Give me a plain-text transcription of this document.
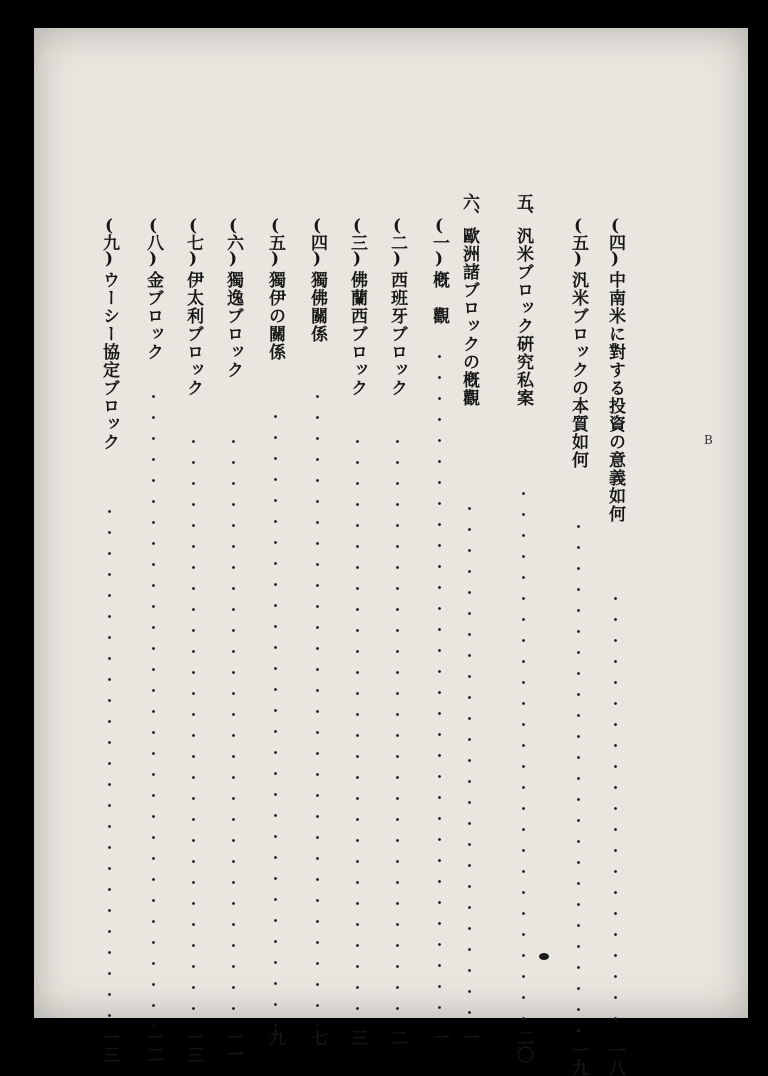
B
(四)中南米に對する投資の意義如何
一八
(五)汎米ブロックの本質如何
一九
五、汎米ブロック硏究私案
二〇
六、歐洲諸ブロックの槪觀
一
(一)槪　觀
一
(二)西班牙ブロック
二
(三)佛蘭西ブロック
三
(四)獨佛關係
七
(五)獨伊の關係
九
(六)獨逸ブロック
一一
(七)伊太利ブロック
一三
(八)金ブロック
一二
(九)ウーシー協定ブロック
一三
